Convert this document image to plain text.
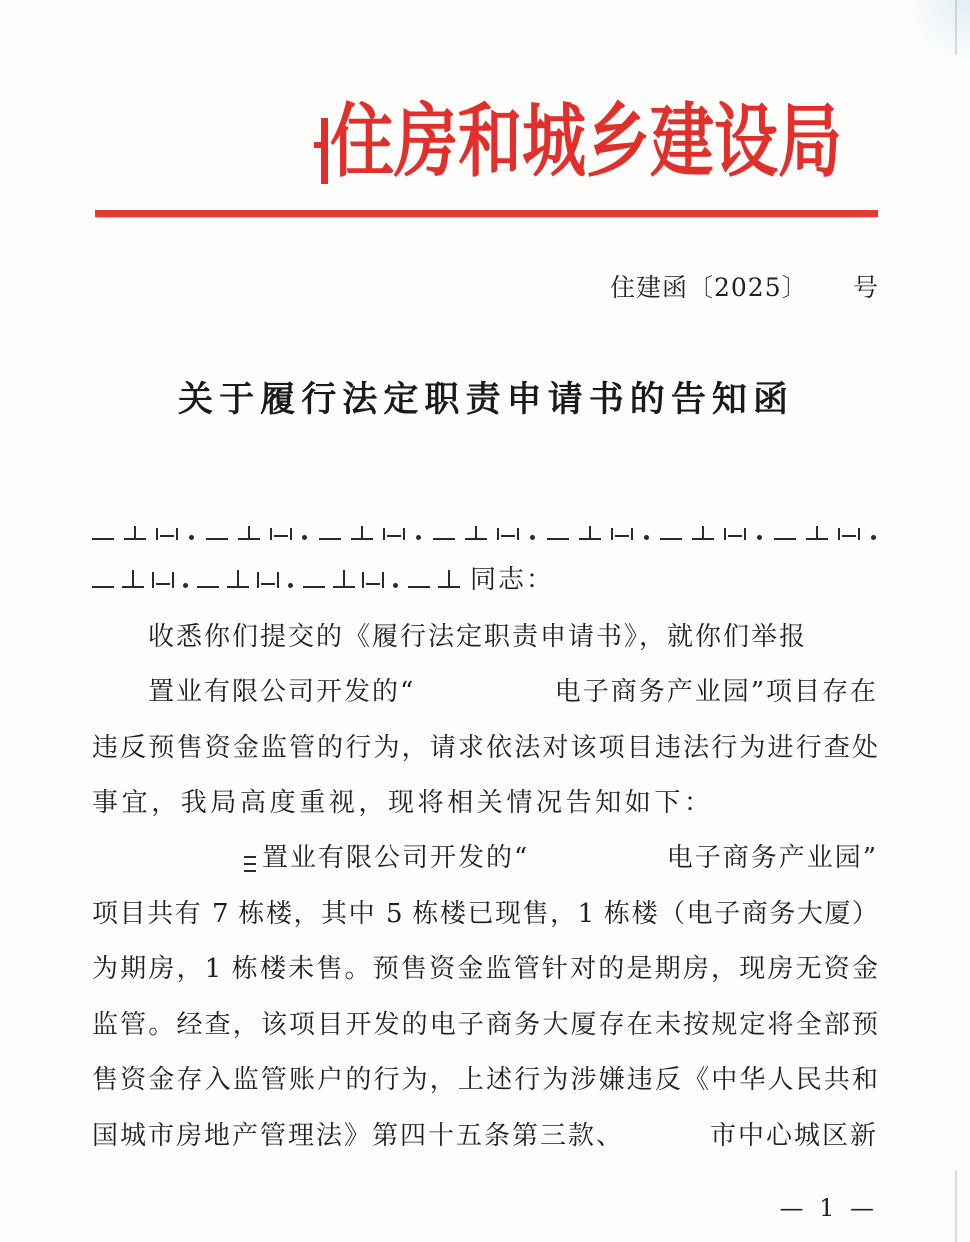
住房和城乡建设局
住建函〔2025〕 号
关于履行法定职责申请书的告知函
同志：
收悉你们提交的《履行法定职责申请书》，就你们举报
置业有限公司开发的“	电子商务产业园”项目存在
违反预售资金监管的行为，请求依法对该项目违法行为进行查处
事宜，我局高度重视，现将相关情况告知如下：
置业有限公司开发的“	电子商务产业园”
项目共有 7 栋楼，其中 5 栋楼已现售，1 栋楼（电子商务大厦）
为期房，1 栋楼未售。预售资金监管针对的是期房，现房无资金
监管。经查，该项目开发的电子商务大厦存在未按规定将全部预
售资金存入监管账户的行为，上述行为涉嫌违反《中华人民共和
国城市房地产管理法》第四十五条第三款、	市中心城区新
— 1 —
